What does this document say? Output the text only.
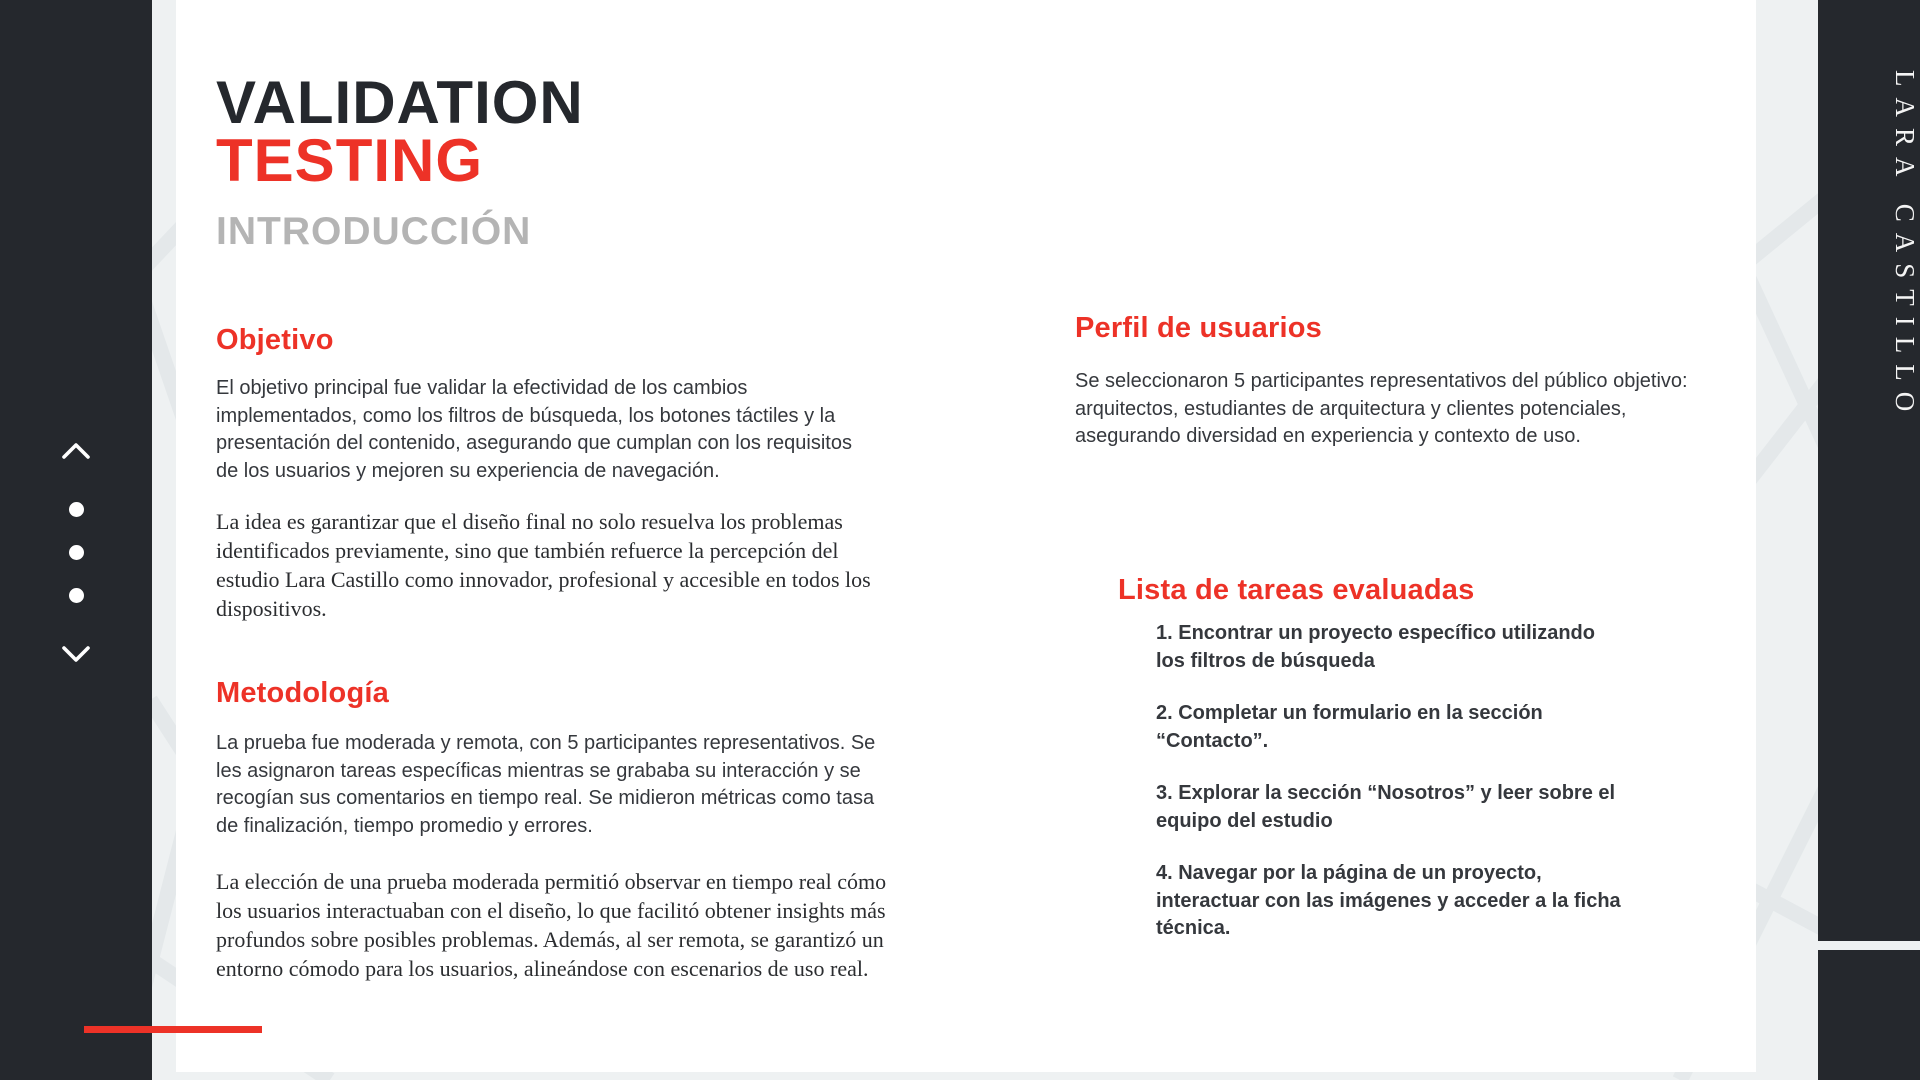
LARA CASTILLO
VALIDATION
TESTING
INTRODUCCIÓN
Objetivo

El objetivo principal fue validar la efectividad de los cambios implementados, como los filtros de búsqueda, los botones táctiles y la presentación del contenido, asegurando que cumplan con los requisitos de los usuarios y mejoren su experiencia de navegación.

La idea es garantizar que el diseño final no solo resuelva los problemas identificados previamente, sino que también refuerce la percepción del estudio Lara Castillo como innovador, profesional y accesible en todos los dispositivos.

Metodología

La prueba fue moderada y remota, con 5 participantes representativos. Se les asignaron tareas específicas mientras se grababa su interacción y se recogían sus comentarios en tiempo real. Se midieron métricas como tasa de finalización, tiempo promedio y errores.

La elección de una prueba moderada permitió observar en tiempo real cómo los usuarios interactuaban con el diseño, lo que facilitó obtener insights más profundos sobre posibles problemas. Además, al ser remota, se garantizó un entorno cómodo para los usuarios, alineándose con escenarios de uso real.

Perfil de usuarios

Se seleccionaron 5 participantes representativos del público objetivo: arquitectos, estudiantes de arquitectura y clientes potenciales, asegurando diversidad en experiencia y contexto de uso.

Lista de tareas evaluadas
1. Encontrar un proyecto específico utilizando los filtros de búsqueda
2. Completar un formulario en la sección “Contacto”.
3. Explorar la sección “Nosotros” y leer sobre el equipo del estudio
4. Navegar por la página de un proyecto, interactuar con las imágenes y acceder a la ficha técnica.
